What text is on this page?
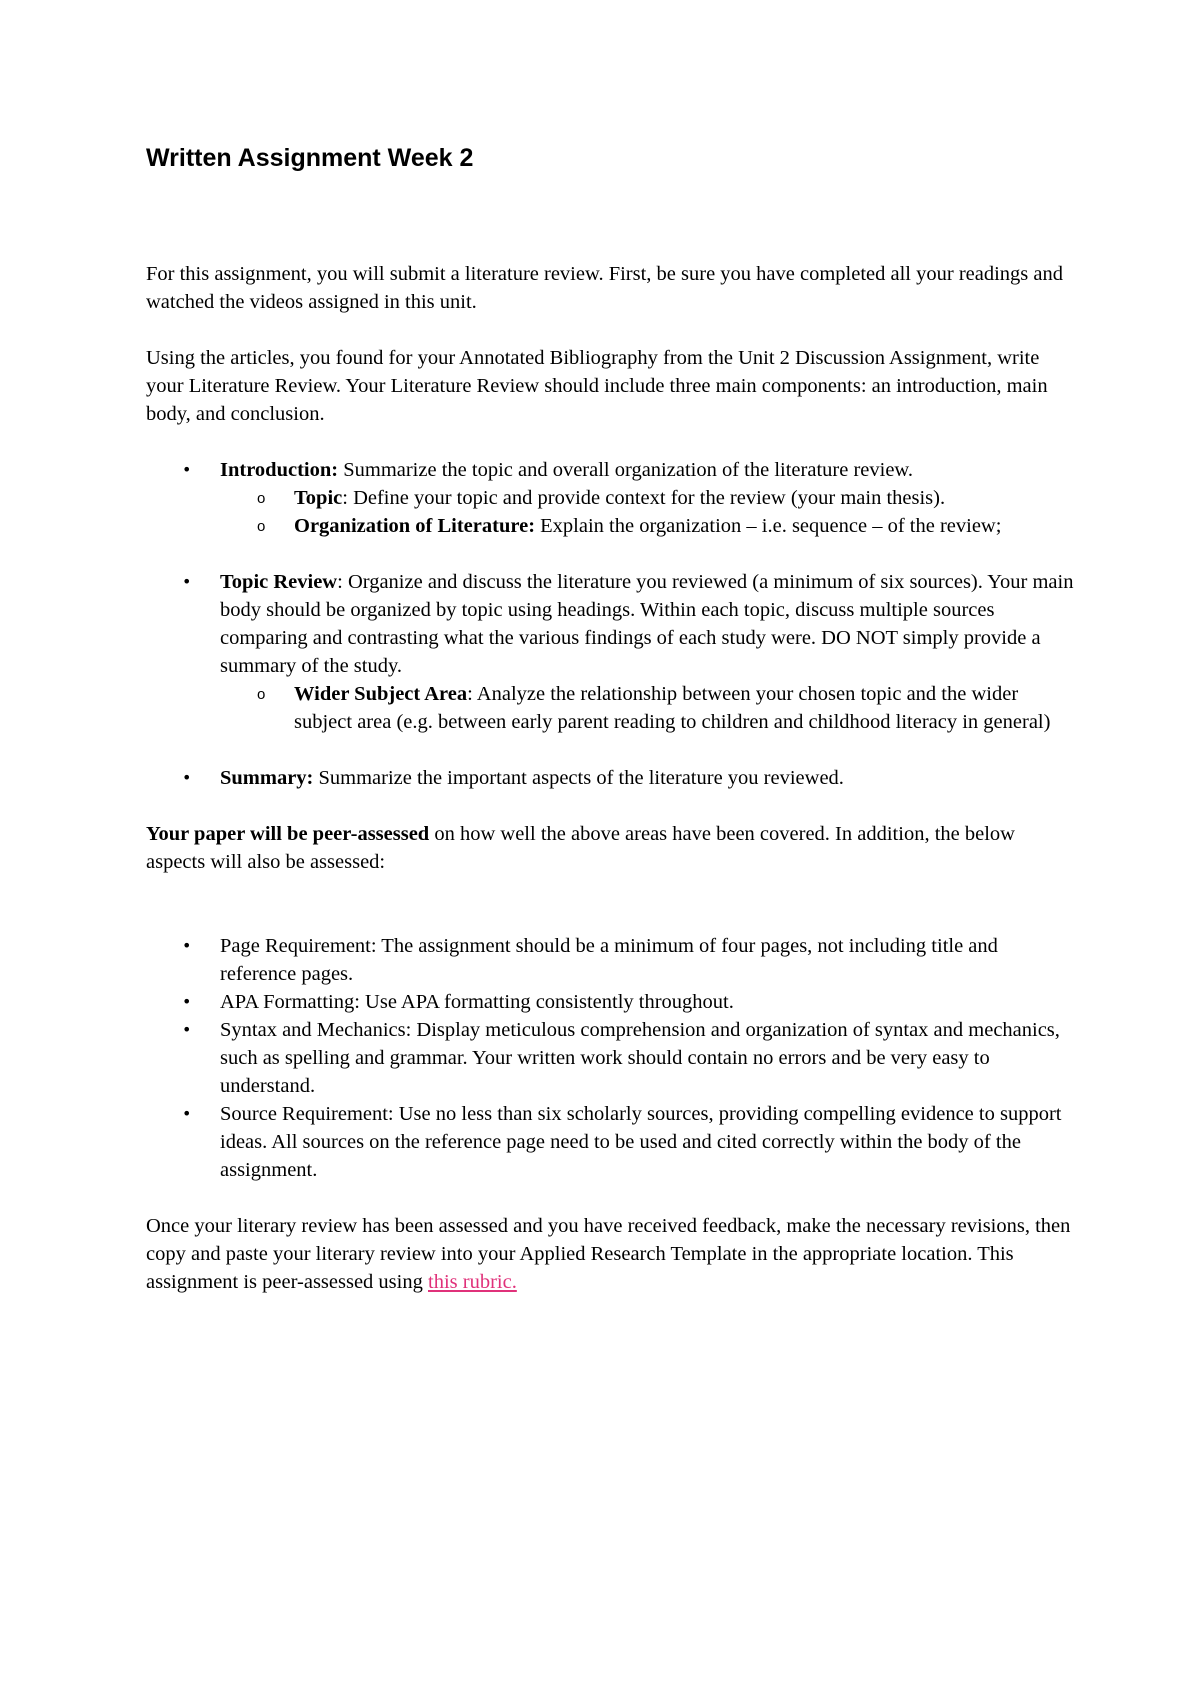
Written Assignment Week 2

For this assignment, you will submit a literature review. First, be sure you have completed all your readings and watched the videos assigned in this unit.

Using the articles, you found for your Annotated Bibliography from the Unit 2 Discussion Assignment, write your Literature Review. Your Literature Review should include three main components: an introduction, main body, and conclusion.

•	Introduction: Summarize the topic and overall organization of the literature review.
o Topic: Define your topic and provide context for the review (your main thesis).
o Organization of Literature: Explain the organization – i.e. sequence – of the review;
•	Topic Review: Organize and discuss the literature you reviewed (a minimum of six sources). Your main body should be organized by topic using headings. Within each topic, discuss multiple sources comparing and contrasting what the various findings of each study were. DO NOT simply provide a summary of the study.
o Wider Subject Area: Analyze the relationship between your chosen topic and the wider subject area (e.g. between early parent reading to children and childhood literacy in general)
•	Summary: Summarize the important aspects of the literature you reviewed.

Your paper will be peer-assessed on how well the above areas have been covered. In addition, the below aspects will also be assessed:

•	Page Requirement: The assignment should be a minimum of four pages, not including title and reference pages.
•	APA Formatting: Use APA formatting consistently throughout.
•	Syntax and Mechanics: Display meticulous comprehension and organization of syntax and mechanics, such as spelling and grammar. Your written work should contain no errors and be very easy to understand.
•	Source Requirement: Use no less than six scholarly sources, providing compelling evidence to support ideas. All sources on the reference page need to be used and cited correctly within the body of the assignment.

Once your literary review has been assessed and you have received feedback, make the necessary revisions, then copy and paste your literary review into your Applied Research Template in the appropriate location. This assignment is peer-assessed using this rubric.
